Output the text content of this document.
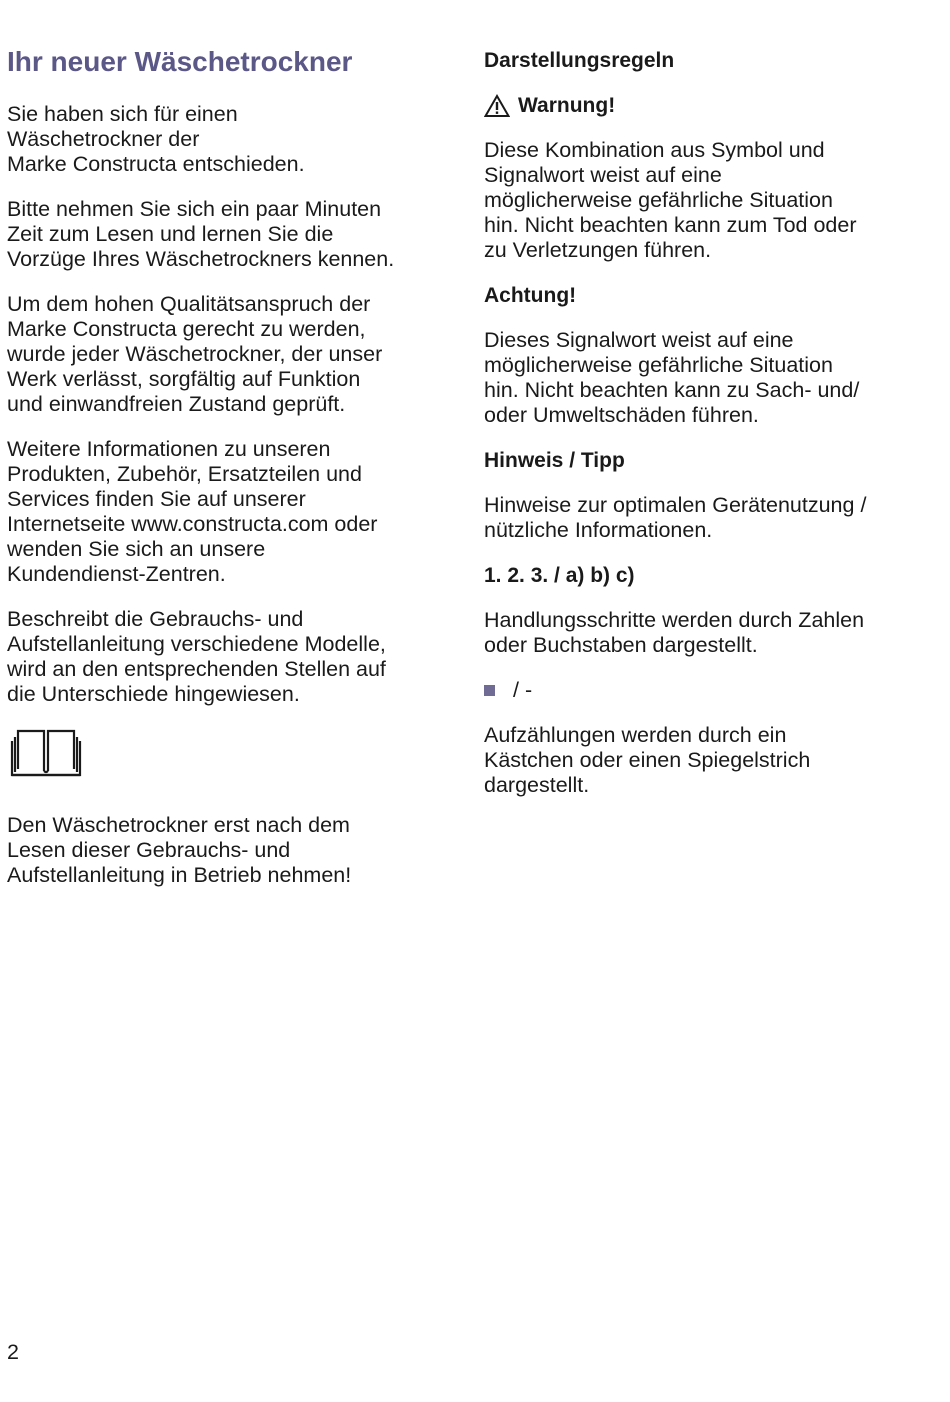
Ihr neuer Wäschetrockner

Sie haben sich für einen
Wäschetrockner der
Marke Constructa entschieden.

Bitte nehmen Sie sich ein paar Minuten
Zeit zum Lesen und lernen Sie die
Vorzüge Ihres Wäschetrockners kennen.

Um dem hohen Qualitätsanspruch der
Marke Constructa gerecht zu werden,
wurde jeder Wäschetrockner, der unser
Werk verlässt, sorgfältig auf Funktion
und einwandfreien Zustand geprüft.

Weitere Informationen zu unseren
Produkten, Zubehör, Ersatzteilen und
Services finden Sie auf unserer
Internetseite www.constructa.com oder
wenden Sie sich an unsere
Kundendienst-Zentren.

Beschreibt die Gebrauchs- und
Aufstellanleitung verschiedene Modelle,
wird an den entsprechenden Stellen auf
die Unterschiede hingewiesen.

Den Wäschetrockner erst nach dem
Lesen dieser Gebrauchs- und
Aufstellanleitung in Betrieb nehmen!

Darstellungsregeln
Warnung!

Diese Kombination aus Symbol und
Signalwort weist auf eine
möglicherweise gefährliche Situation
hin. Nicht beachten kann zum Tod oder
zu Verletzungen führen.

Achtung!

Dieses Signalwort weist auf eine
möglicherweise gefährliche Situation
hin. Nicht beachten kann zu Sach- und/
oder Umweltschäden führen.

Hinweis / Tipp

Hinweise zur optimalen Gerätenutzung /
nützliche Informationen.

1. 2. 3. / a) b) c)

Handlungsschritte werden durch Zahlen
oder Buchstaben dargestellt.

/ -

Aufzählungen werden durch ein
Kästchen oder einen Spiegelstrich
dargestellt.

2
